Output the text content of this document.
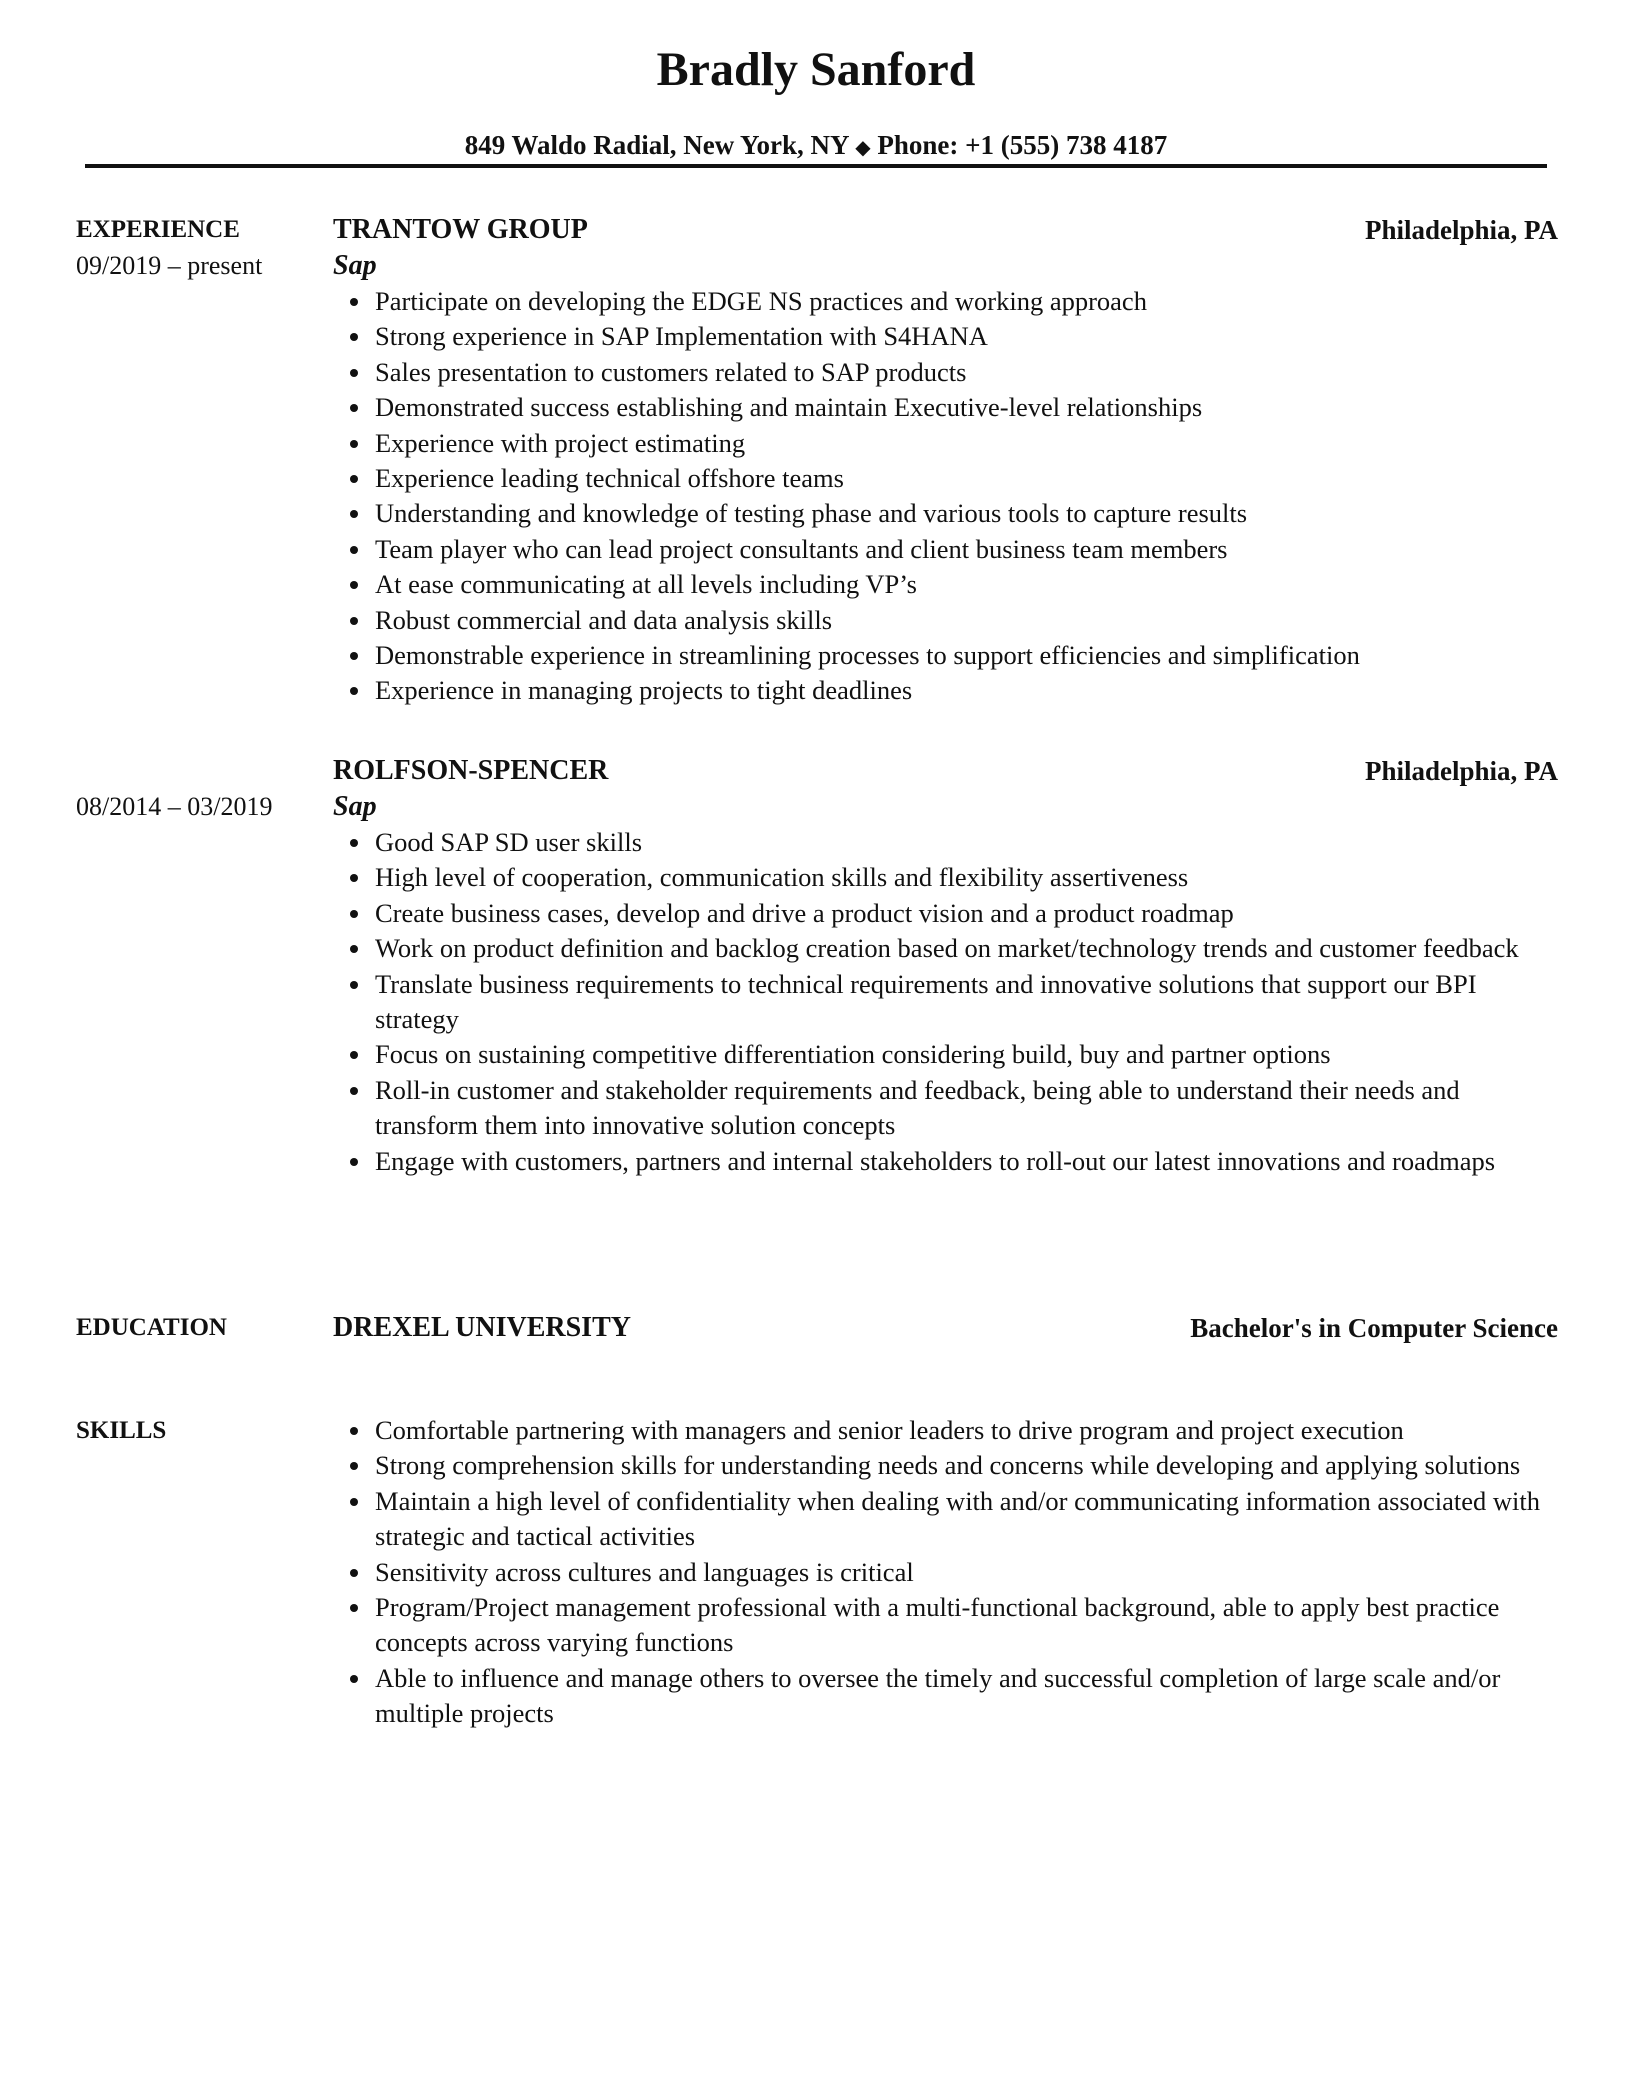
Bradly Sanford
849 Waldo Radial, New York, NY ◆ Phone: +1 (555) 738 4187
EXPERIENCE
09/2019 – present
TRANTOW GROUP	Philadelphia, PA
Sap
Participate on developing the EDGE NS practices and working approach
Strong experience in SAP Implementation with S4HANA
Sales presentation to customers related to SAP products
Demonstrated success establishing and maintain Executive-level relationships
Experience with project estimating
Experience leading technical offshore teams
Understanding and knowledge of testing phase and various tools to capture results
Team player who can lead project consultants and client business team members
At ease communicating at all levels including VP’s
Robust commercial and data analysis skills
Demonstrable experience in streamlining processes to support efficiencies and simplification
Experience in managing projects to tight deadlines
08/2014 – 03/2019
ROLFSON-SPENCER	Philadelphia, PA
Sap
Good SAP SD user skills
High level of cooperation, communication skills and flexibility assertiveness
Create business cases, develop and drive a product vision and a product roadmap
Work on product definition and backlog creation based on market/technology trends and customer feedback
Translate business requirements to technical requirements and innovative solutions that support our BPI strategy
Focus on sustaining competitive differentiation considering build, buy and partner options
Roll-in customer and stakeholder requirements and feedback, being able to understand their needs and transform them into innovative solution concepts
Engage with customers, partners and internal stakeholders to roll-out our latest innovations and roadmaps
EDUCATION	DREXEL UNIVERSITY	Bachelor's in Computer Science
SKILLS	Comfortable partnering with managers and senior leaders to drive program and project execution
Strong comprehension skills for understanding needs and concerns while developing and applying solutions
Maintain a high level of confidentiality when dealing with and/or communicating information associated with strategic and tactical activities
Sensitivity across cultures and languages is critical
Program/Project management professional with a multi-functional background, able to apply best practice concepts across varying functions
Able to influence and manage others to oversee the timely and successful completion of large scale and/or multiple projects
